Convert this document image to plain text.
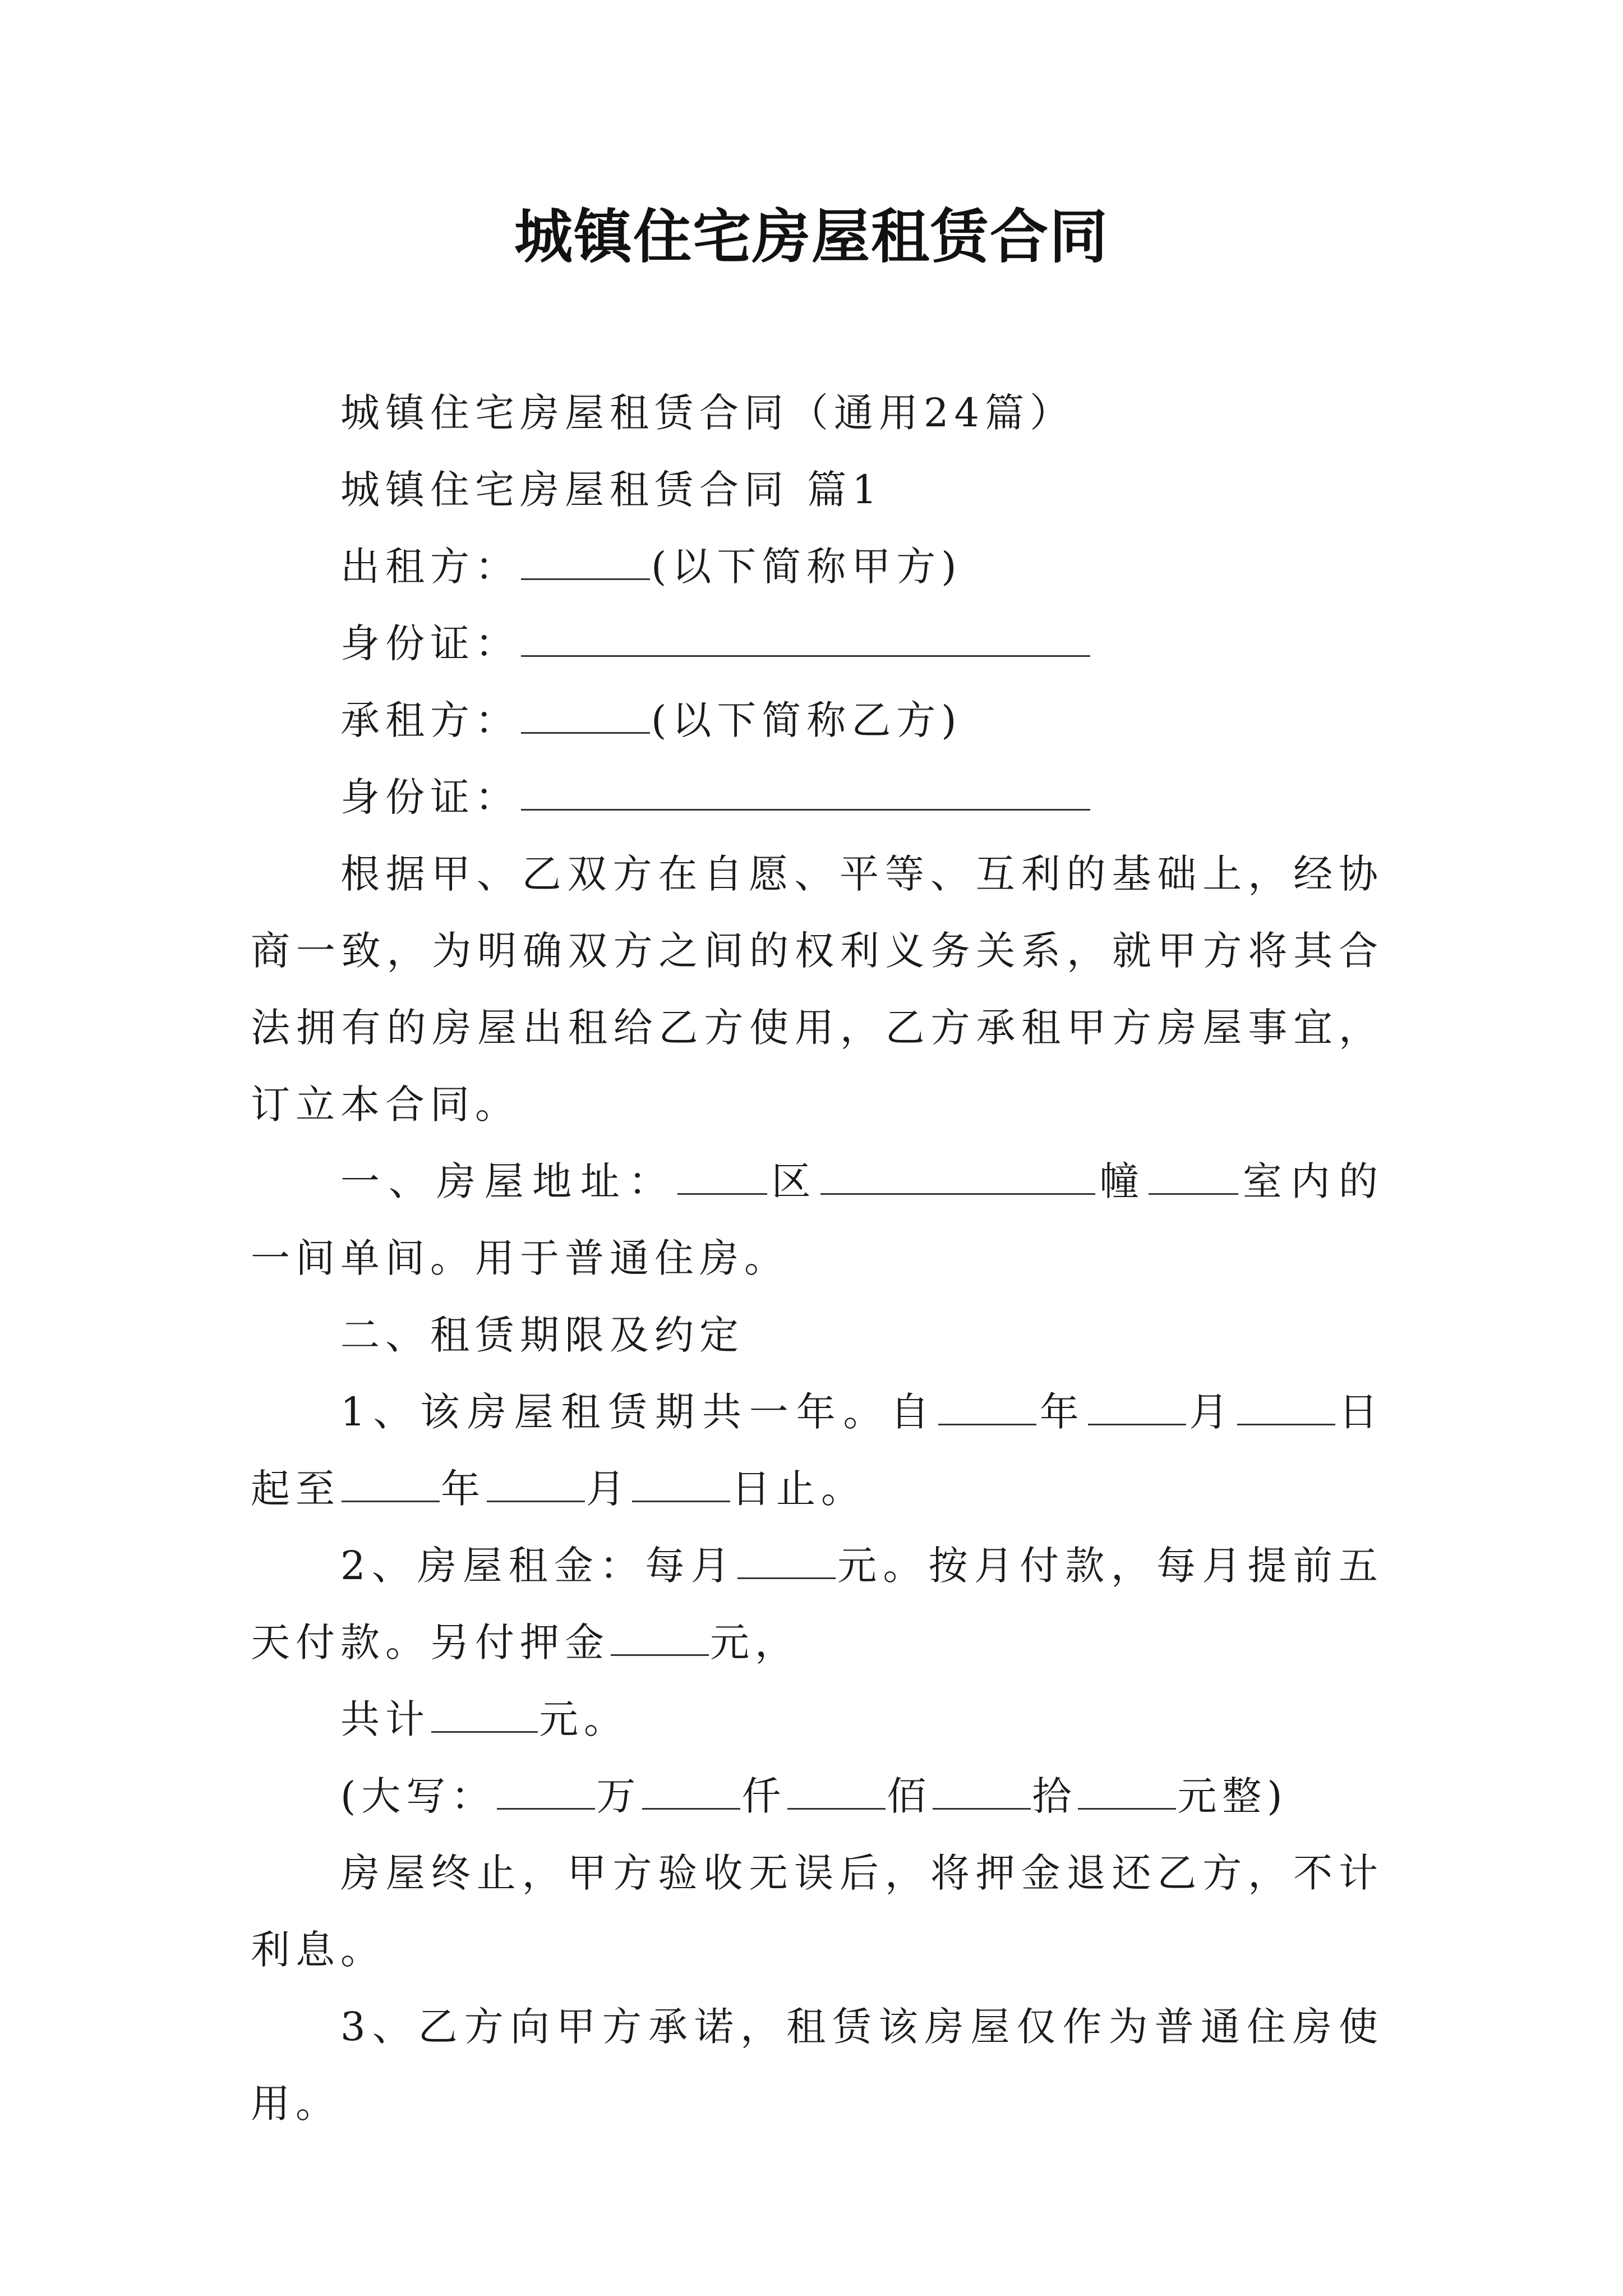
城镇住宅房屋租赁合同

城镇住宅房屋租赁合同（通用24篇）

城镇住宅房屋租赁合同 篇1

出租方：	(以下简称甲方)

身份证：

承租方：	(以下简称乙方)

身份证：

根据甲、乙双方在自愿、平等、互利的基础上，经协商一致，为明确双方之间的权利义务关系，就甲方将其合法拥有的房屋出租给乙方使用，乙方承租甲方房屋事宜，订立本合同。

一、房屋地址： 区	幢 室内的一间单间。用于普通住房。

二、租赁期限及约定

1、该房屋租赁期共一年。自	年	月	日起至	年	月	日止。

2、房屋租金：每月	元。按月付款，每月提前五天付款。另付押金	元，

共计	元。

(大写：	万	仟	佰	拾	元整)

房屋终止，甲方验收无误后，将押金退还乙方，不计利息。

3、乙方向甲方承诺，租赁该房屋仅作为普通住房使用。
